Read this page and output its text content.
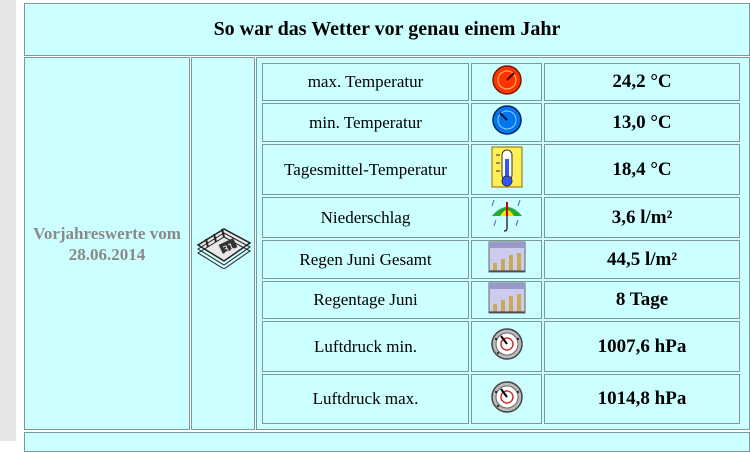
So war das Wetter vor genau einem Jahr
Vorjahreswerte vom
28.06.2014	31
max. Temperatur	24,2 °C
min. Temperatur	13,0 °C
Tagesmittel-Temperatur	18,4 °C
Niederschlag	3,6 l/m²
Regen Juni Gesamt	44,5 l/m²
Regentage Juni	8 Tage
Luftdruck min.	1007,6 hPa
Luftdruck max.	1014,8 hPa
